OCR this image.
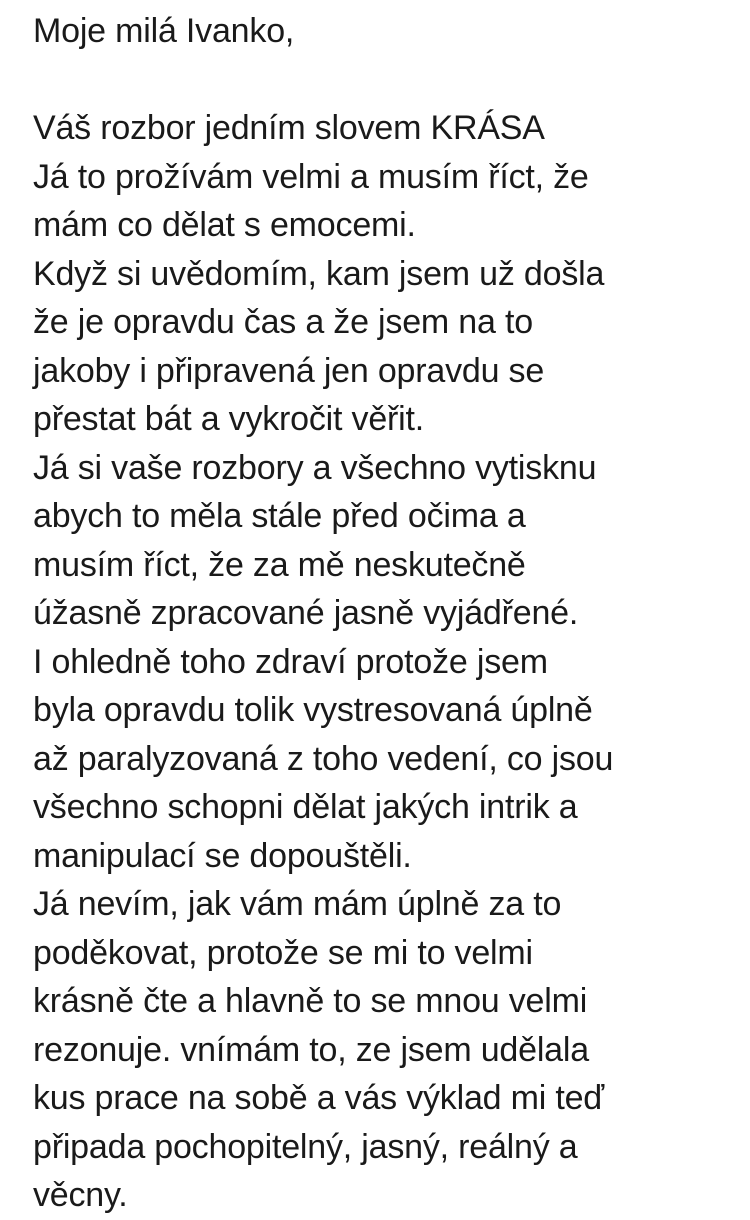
Moje milá Ivanko,
Váš rozbor jedním slovem KRÁSA
Já to prožívám velmi a musím říct, že
mám co dělat s emocemi.
Když si uvědomím, kam jsem už došla
že je opravdu čas a že jsem na to
jakoby i připravená jen opravdu se
přestat bát a vykročit věřit.
Já si vaše rozbory a všechno vytisknu
abych to měla stále před očima a
musím říct, že za mě neskutečně
úžasně zpracované jasně vyjádřené.
I ohledně toho zdraví protože jsem
byla opravdu tolik vystresovaná úplně
až paralyzovaná z toho vedení, co jsou
všechno schopni dělat jakých intrik a
manipulací se dopouštěli.
Já nevím, jak vám mám úplně za to
poděkovat, protože se mi to velmi
krásně čte a hlavně to se mnou velmi
rezonuje. vnímám to, ze jsem udělala
kus prace na sobě a vás výklad mi teď
připada pochopitelný, jasný, reálný a
věcny.
